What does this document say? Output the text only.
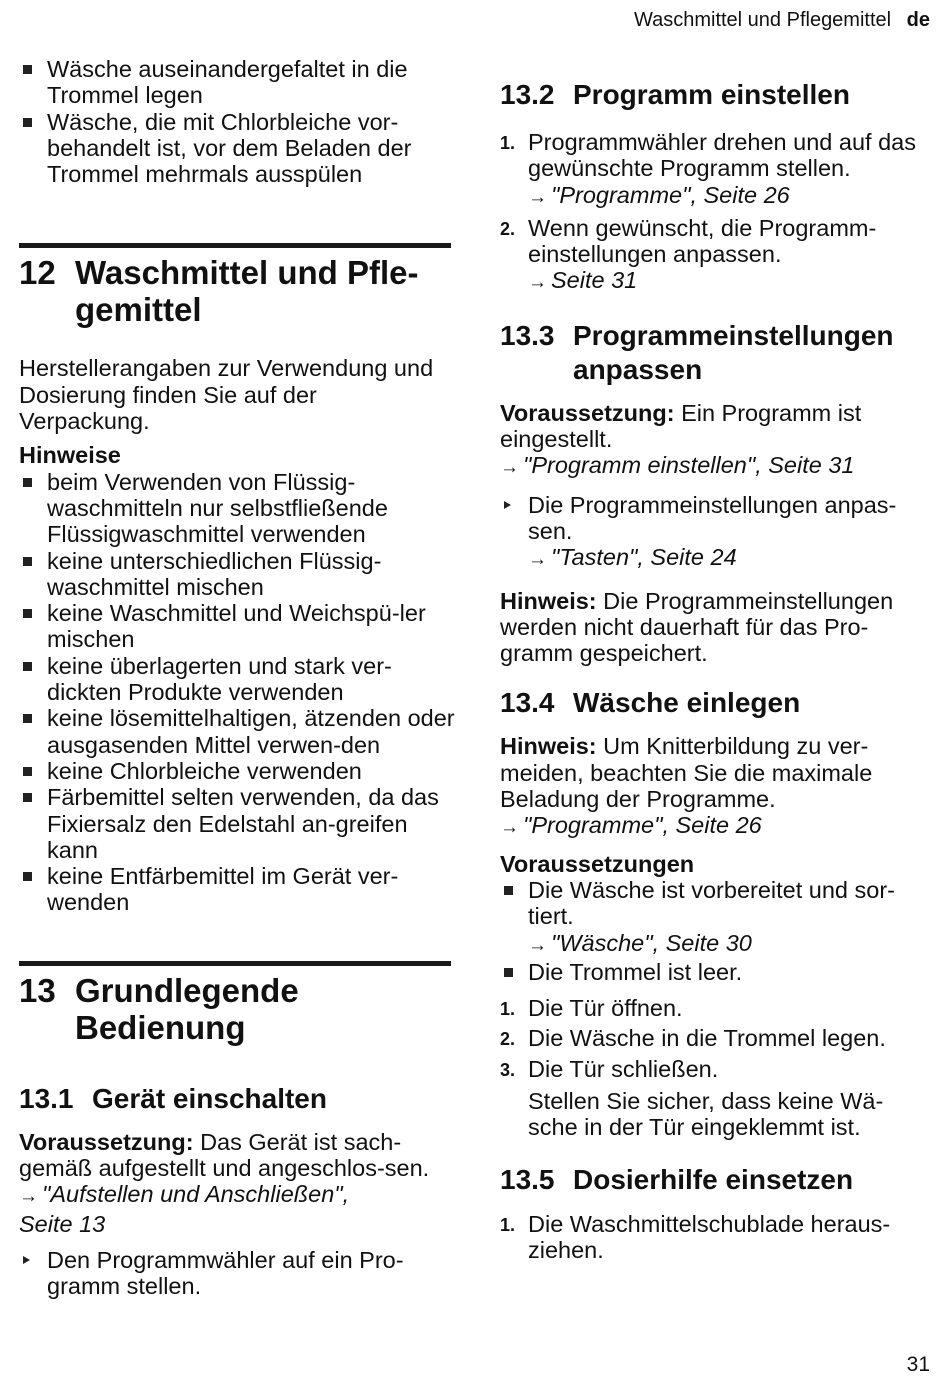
Waschmittel und Pflegemittel de

Wäsche auseinandergefaltet in die Trommel legen

Wäsche, die mit Chlorbleiche vor-behandelt ist, vor dem Beladen der Trommel mehrmals ausspülen

12 Waschmittel und Pfle-
gemittel

Herstellerangaben zur Verwendung und Dosierung finden Sie auf der Verpackung.

Hinweise

beim Verwenden von Flüssig-waschmitteln nur selbstfließende Flüssigwaschmittel verwenden

keine unterschiedlichen Flüssig-waschmittel mischen

keine Waschmittel und Weichspü-ler mischen

keine überlagerten und stark ver-dickten Produkte verwenden

keine lösemittelhaltigen, ätzenden oder ausgasenden Mittel verwen-den

keine Chlorbleiche verwenden

Färbemittel selten verwenden, da das Fixiersalz den Edelstahl an-greifen kann

keine Entfärbemittel im Gerät ver-wenden

13 Grundlegende
Bedienung
13.1 Gerät einschalten

Voraussetzung: Das Gerät ist sach-gemäß aufgestellt und angeschlos-sen.

→ "Aufstellen und Anschließen",
Seite 13

Den Programmwähler auf ein Pro-gramm stellen.

13.2 Programm einstellen
1. Programmwähler drehen und auf das gewünschte Programm stellen.
→ "Programme", Seite 26
2. Wenn gewünscht, die Programm-einstellungen anpassen.
→ Seite 31
13.3 Programmeinstellungen
anpassen

Voraussetzung: Ein Programm ist eingestellt.

→ "Programm einstellen", Seite 31
Die Programmeinstellungen anpas-sen.
→ "Tasten", Seite 24

Hinweis: Die Programmeinstellungen werden nicht dauerhaft für das Pro-gramm gespeichert.

13.4 Wäsche einlegen

Hinweis: Um Knitterbildung zu ver-meiden, beachten Sie die maximale Beladung der Programme.

→ "Programme", Seite 26
Voraussetzungen
Die Wäsche ist vorbereitet und sor-tiert.
→ "Wäsche", Seite 30

Die Trommel ist leer.

1. Die Tür öffnen.
2. Die Wäsche in die Trommel legen.
3. Die Tür schließen.

Stellen Sie sicher, dass keine Wä-sche in der Tür eingeklemmt ist.

13.5 Dosierhilfe einsetzen
1. Die Waschmittelschublade heraus-ziehen.
31
